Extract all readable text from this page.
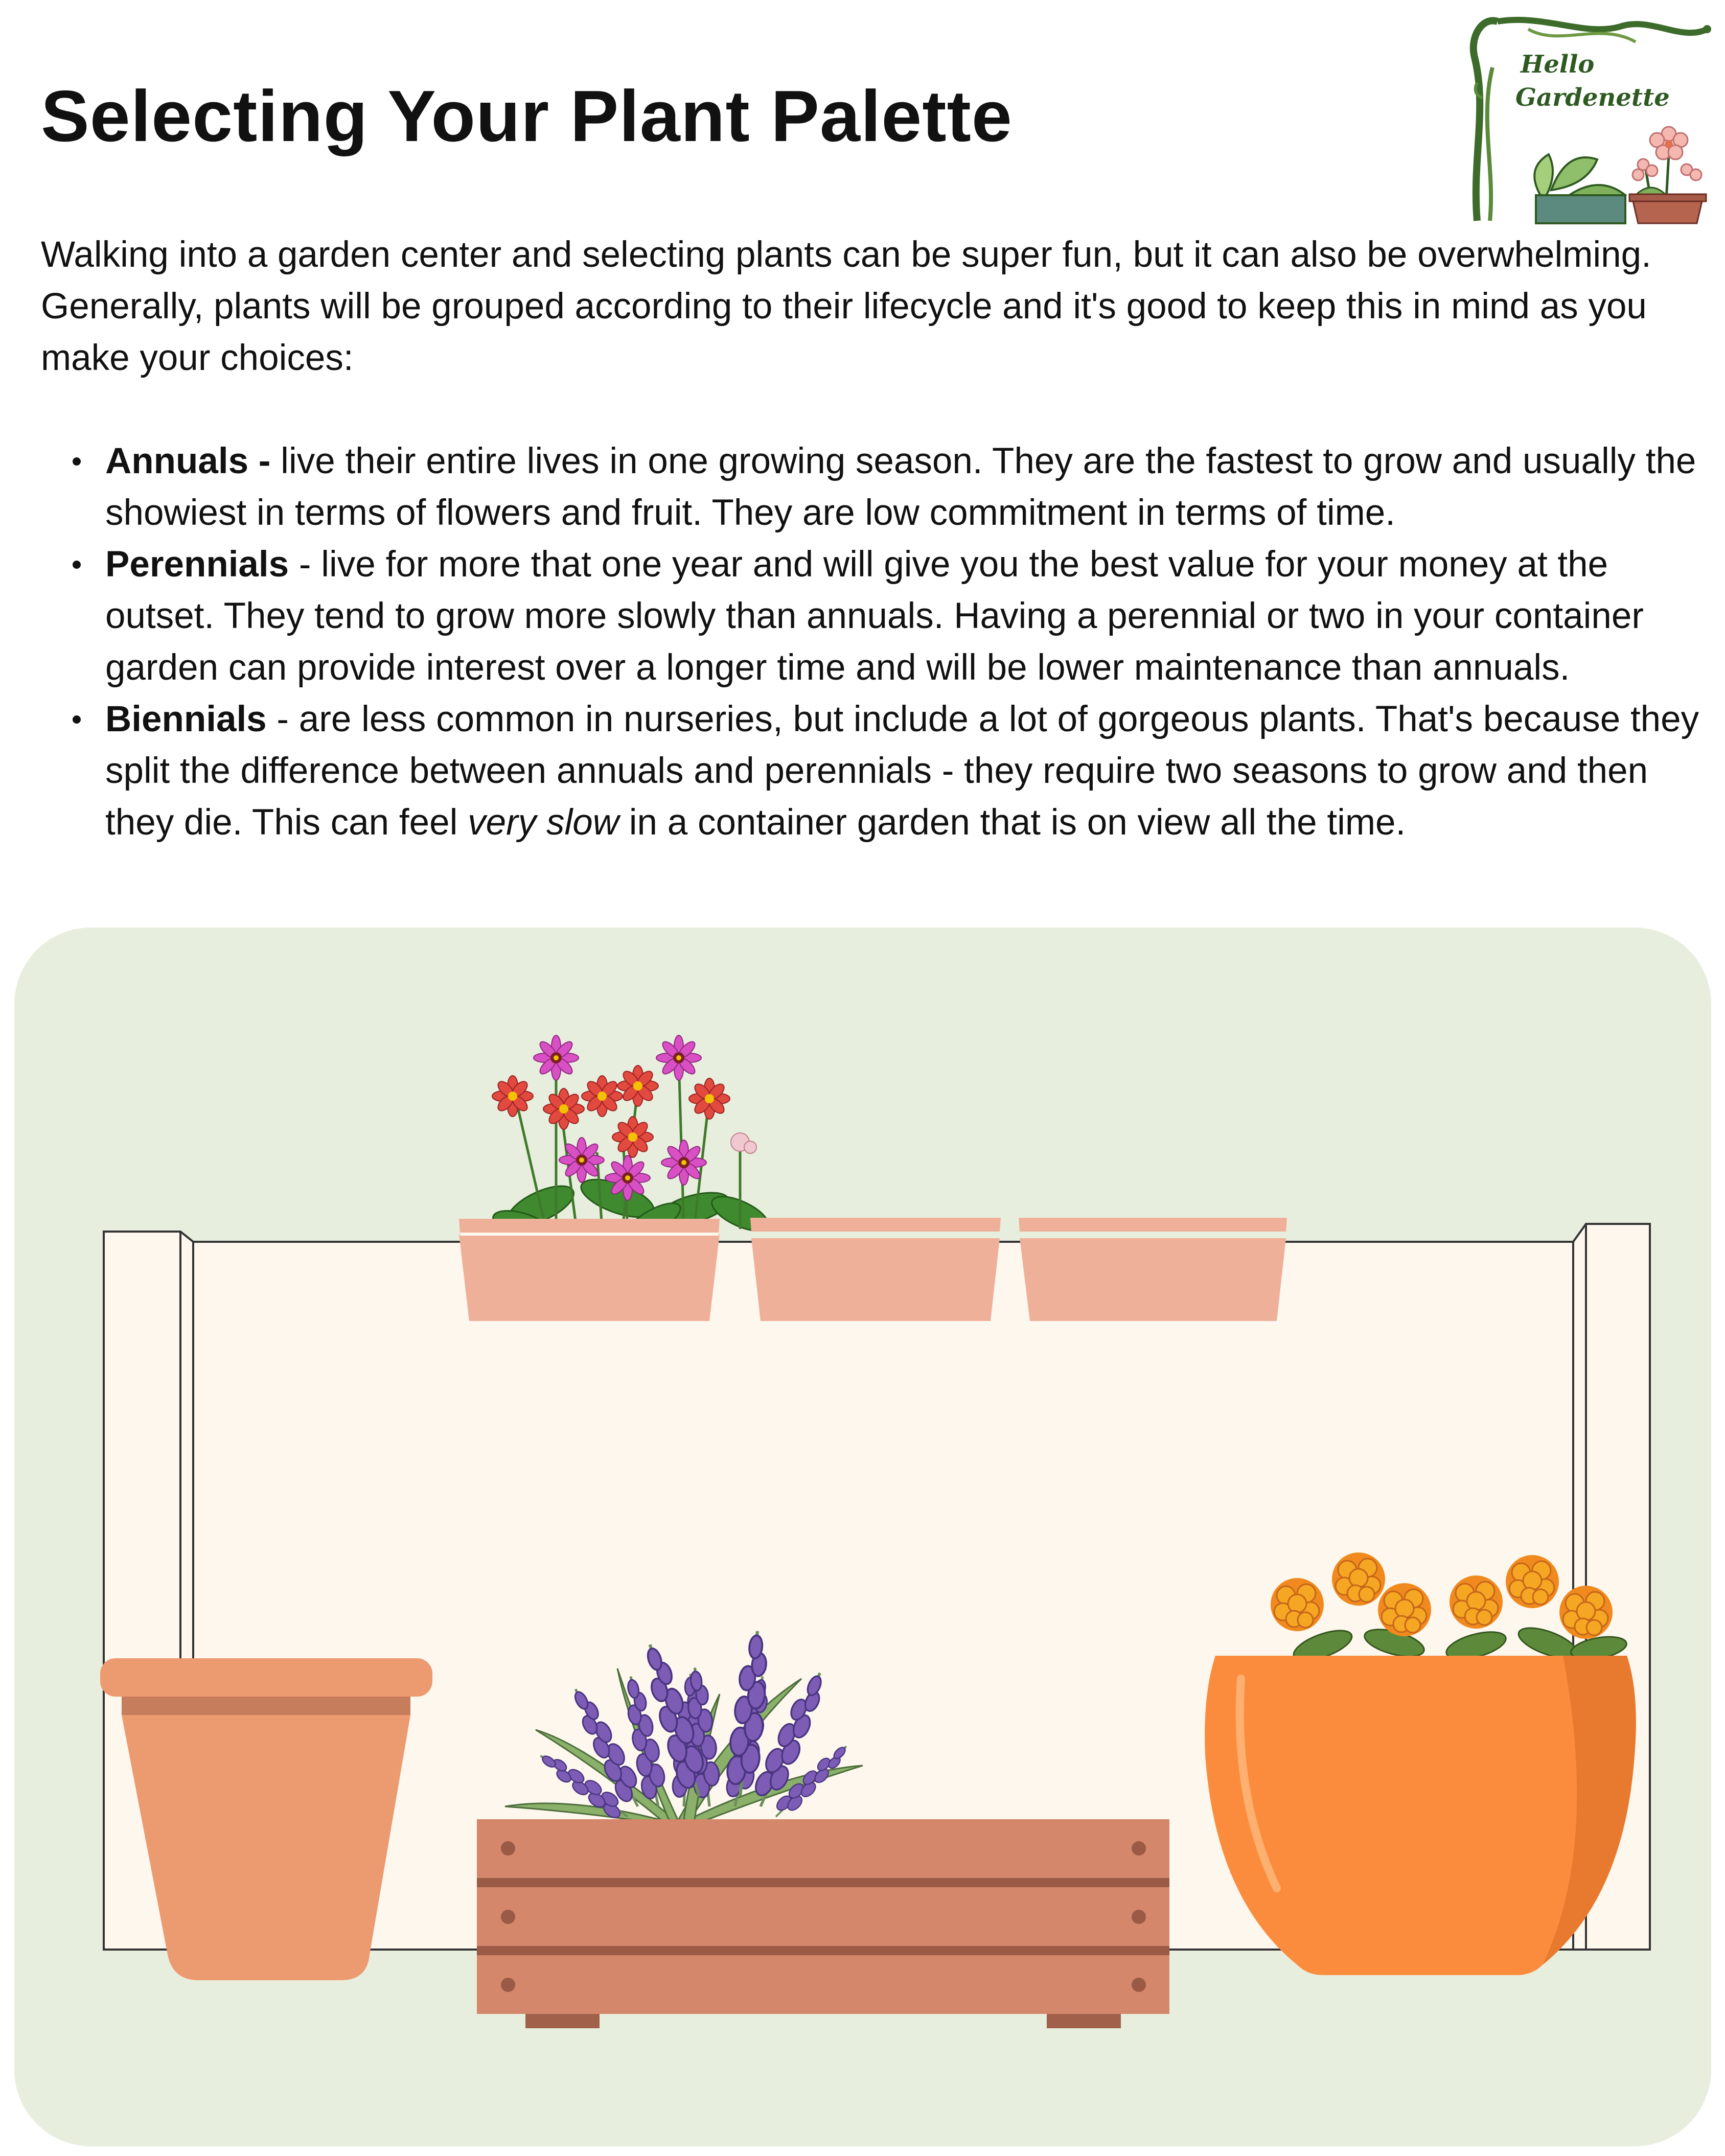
Selecting Your Plant Palette
Hello
Gardenette

Walking into a garden center and selecting plants can be super fun, but it can also be overwhelming. Generally, plants will be grouped according to their lifecycle and it's good to keep this in mind as you make your choices:

Annuals - live their entire lives in one growing season. They are the fastest to grow and usually the showiest in terms of flowers and fruit. They are low commitment in terms of time.
Perennials - live for more that one year and will give you the best value for your money at the outset. They tend to grow more slowly than annuals. Having a perennial or two in your container garden can provide interest over a longer time and will be lower maintenance than annuals.
Biennials - are less common in nurseries, but include a lot of gorgeous plants. That's because they split the difference between annuals and perennials - they require two seasons to grow and then they die. This can feel very slow in a container garden that is on view all the time.
